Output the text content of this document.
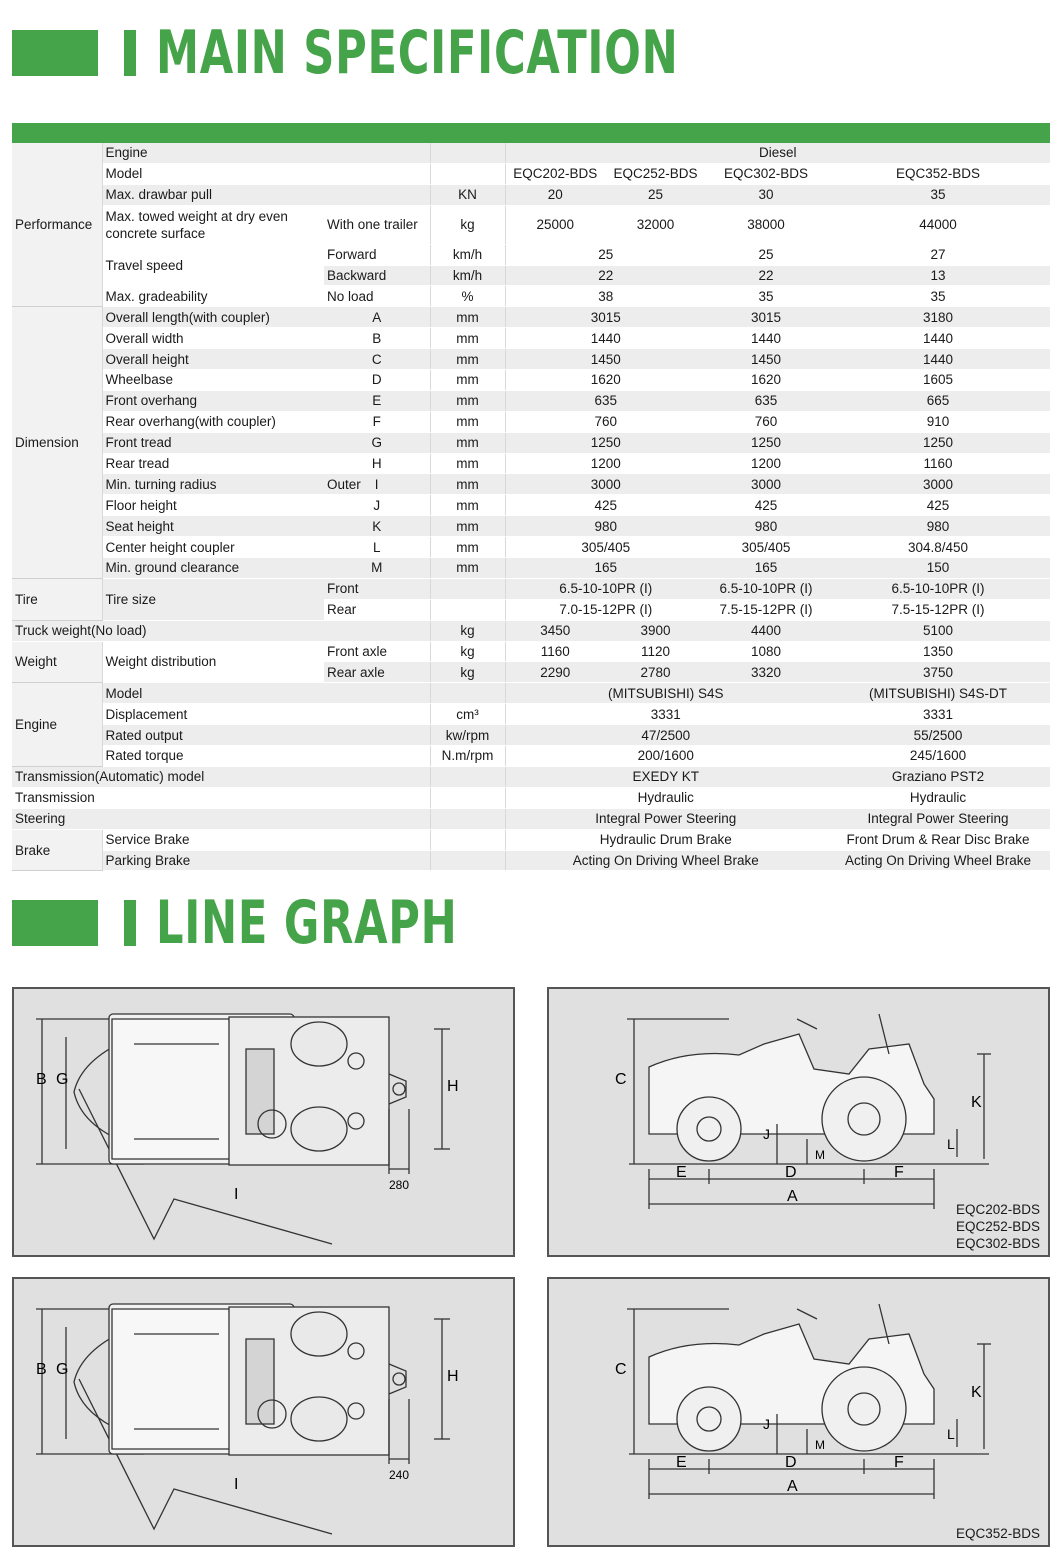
MAIN SPECIFICATION
Performance	Engine			Diesel			
	Model			EQC202-BDS	EQC252-BDS	EQC302-BDS	EQC352-BDS
	Max. drawbar pull		KN	20	25	30	35
	Max. towed weight at dry even concrete surface	With one trailer	kg	25000	32000	38000	44000
	Travel speed	Forward	km/h	25		25	27
		Backward	km/h	22		22	13
	Max. gradeability	No load	%	38		35	35
Dimension	Overall length(with coupler)	A	mm	3015		3015	3180
	Overall width	B	mm	1440		1440	1440
	Overall height	C	mm	1450		1450	1440
	Wheelbase	D	mm	1620		1620	1605
	Front overhang	E	mm	635		635	665
	Rear overhang(with coupler)	F	mm	760		760	910
	Front tread	G	mm	1250		1250	1250
	Rear tread	H	mm	1200		1200	1160
	Min. turning radius	Outer I	mm	3000		3000	3000
	Floor height	J	mm	425		425	425
	Seat height	K	mm	980		980	980
	Center height coupler	L	mm	305/405		305/405	304.8/450
	Min. ground clearance	M	mm	165		165	150
Tire	Tire size	Front		6.5-10-10PR (I)		6.5-10-10PR (I)	6.5-10-10PR (I)
		Rear		7.0-15-12PR (I)		7.5-15-12PR (I)	7.5-15-12PR (I)
Truck weight(No load)			kg	3450	3900	4400	5100
Weight	Weight distribution	Front axle	kg	1160	1120	1080	1350
		Rear axle	kg	2290	2780	3320	3750
Engine	Model			(MITSUBISHI) S4S			(MITSUBISHI) S4S-DT
	Displacement		cm³	3331			3331
	Rated output		kw/rpm	47/2500			55/2500
	Rated torque		N.m/rpm	200/1600			245/1600
Transmission(Automatic) model				EXEDY KT			Graziano PST2
Transmission				Hydraulic			Hydraulic
Steering				Integral Power Steering			Integral Power Steering
Brake	Service Brake			Hydraulic Drum Brake			Front Drum & Rear Disc Brake
	Parking Brake			Acting On Driving Wheel Brake			Acting On Driving Wheel Brake
LINE GRAPH
B G	H
I
280
C
K
J
L
M
E	D	F
A
EQC202-BDS
EQC252-BDS
EQC302-BDS
B G	H
I
240
C
K
J
L
M
E	D	F
A
EQC352-BDS
